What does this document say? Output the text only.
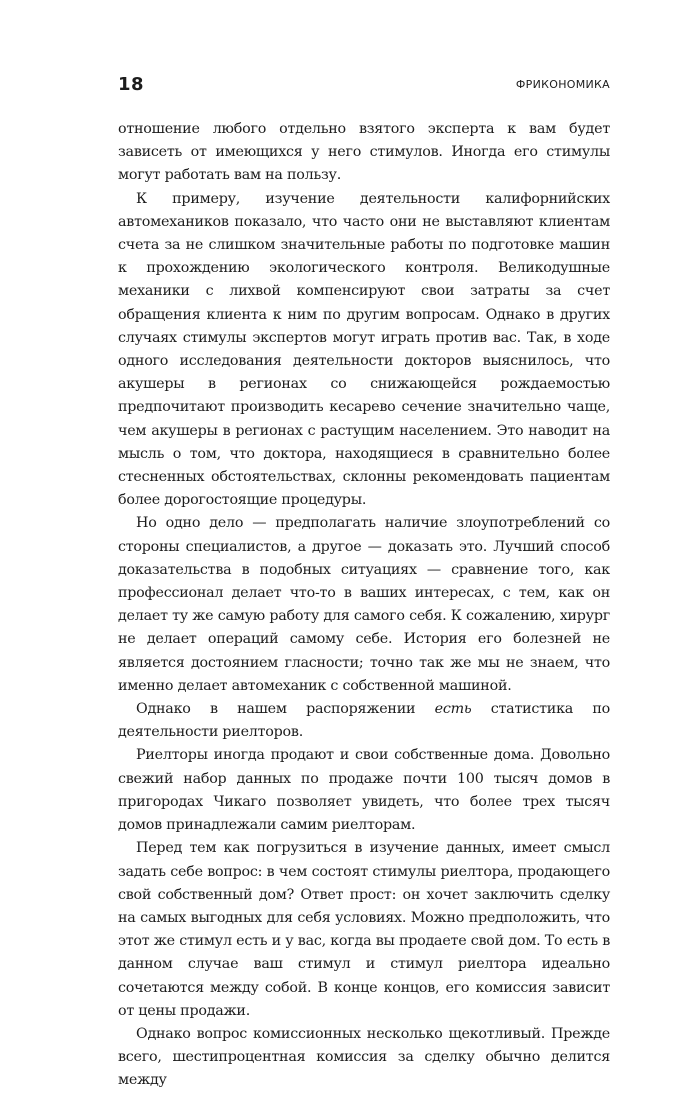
18	ФРИКОНОМИКА

отношение любого отдельно взятого эксперта к вам будет зависеть от имеющихся у него стимулов. Иногда его стимулы могут работать вам на пользу.

К примеру, изучение деятельности калифорнийских автомехаников показало, что часто они не выставляют клиентам счета за не слишком значительные работы по подготовке машин к прохождению экологического контроля. Великодушные механики с лихвой компенсируют свои затраты за счет обращения клиента к ним по другим вопросам. Однако в других случаях стимулы экспертов могут играть против вас. Так, в ходе одного исследования деятельности докторов выяснилось, что акушеры в регионах со снижающейся рождаемостью предпочитают производить кесарево сечение значительно чаще, чем акушеры в регионах с растущим населением. Это наводит на мысль о том, что доктора, находящиеся в сравнительно более стесненных обстоятельствах, склонны рекомендовать пациентам более дорогостоящие процедуры.

Но одно дело — предполагать наличие злоупотреблений со стороны специалистов, а другое — доказать это. Лучший способ доказательства в подобных ситуациях — сравнение того, как профессионал делает что-то в ваших интересах, с тем, как он делает ту же самую работу для самого себя. К сожалению, хирург не делает операций самому себе. История его болезней не является достоянием гласности; точно так же мы не знаем, что именно делает автомеханик с собственной машиной.

Однако в нашем распоряжении есть статистика по деятельности риелторов.

Риелторы иногда продают и свои собственные дома. Довольно свежий набор данных по продаже почти 100 тысяч домов в пригородах Чикаго позволяет увидеть, что более трех тысяч домов принадлежали самим риелторам.

Перед тем как погрузиться в изучение данных, имеет смысл задать себе вопрос: в чем состоят стимулы риелтора, продающего свой собственный дом? Ответ прост: он хочет заключить сделку на самых выгодных для себя условиях. Можно предположить, что этот же стимул есть и у вас, когда вы продаете свой дом. То есть в данном случае ваш стимул и стимул риелтора идеально сочетаются между собой. В конце концов, его комиссия зависит от цены продажи.

Однако вопрос комиссионных несколько щекотливый. Прежде всего, шестипроцентная комиссия за сделку обычно делится между
